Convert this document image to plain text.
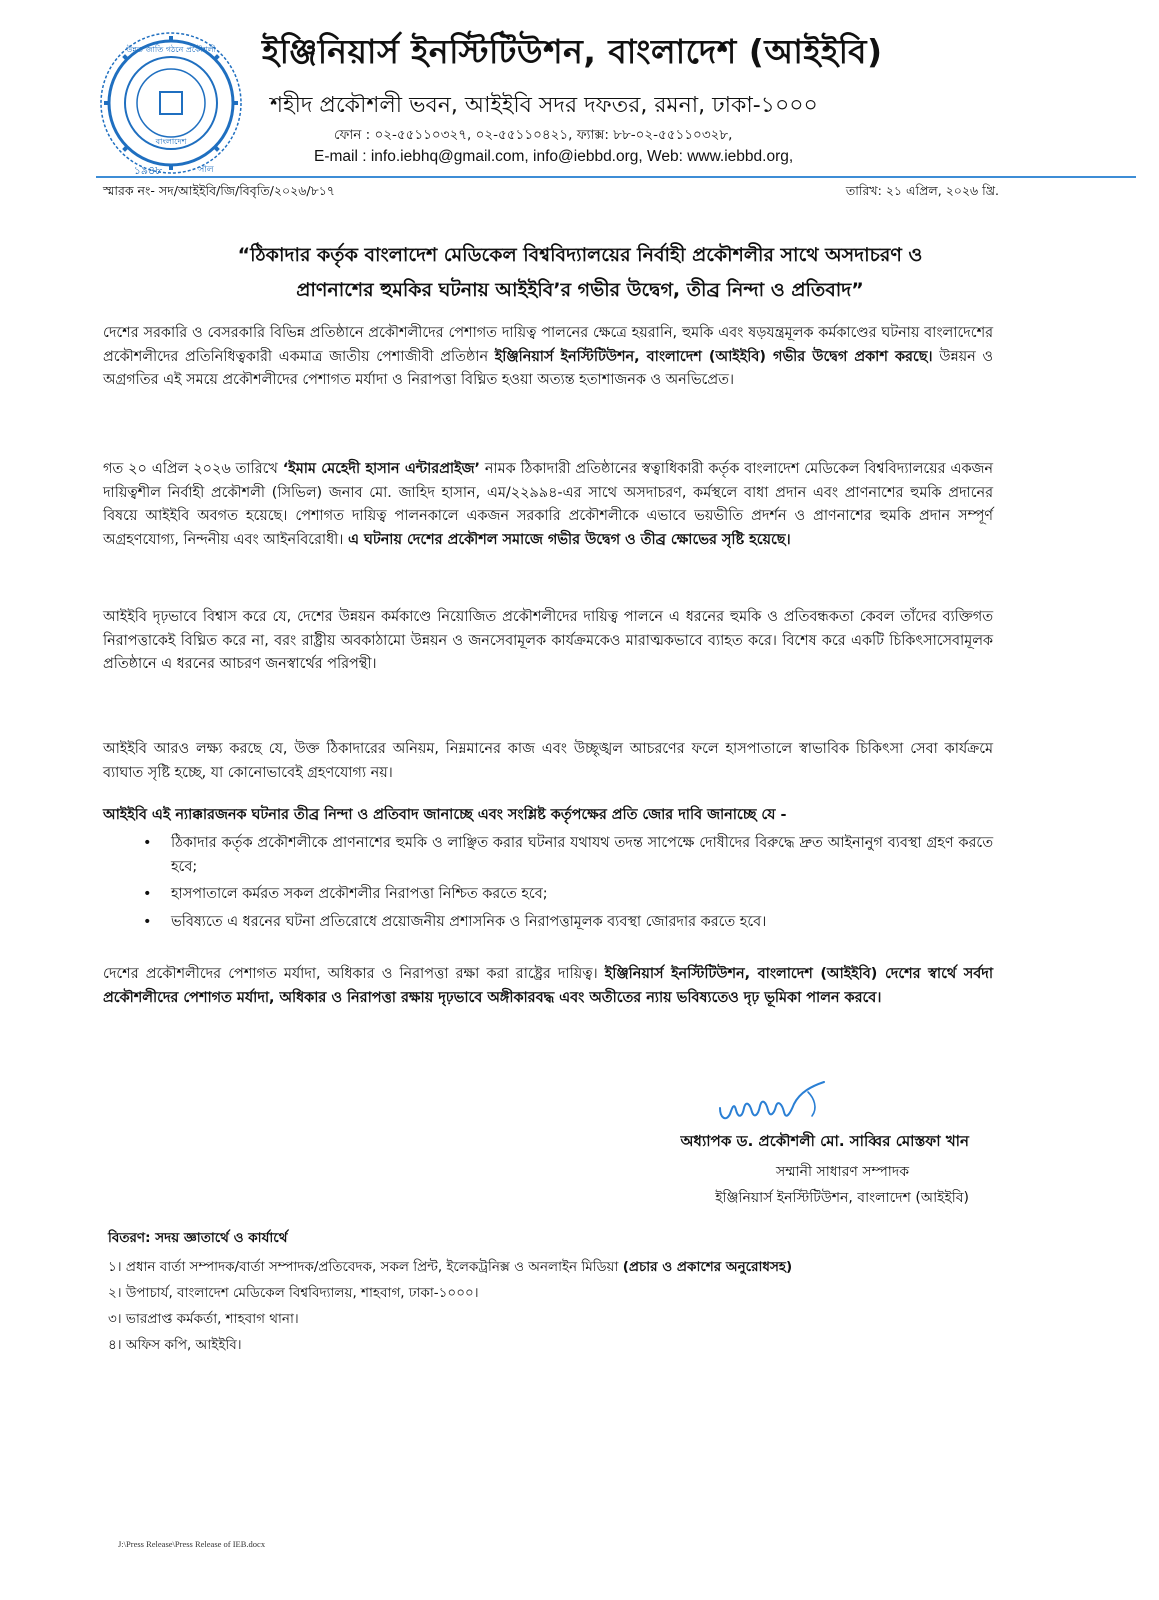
উন্নত জাতি গঠনে প্রকৌশলী
বাংলাদেশ
১৯৪৮	সাল
ইঞ্জিনিয়ার্স ইনস্টিটিউশন, বাংলাদেশ (আইইবি)
শহীদ প্রকৌশলী ভবন, আইইবি সদর দফতর, রমনা, ঢাকা-১০০০
ফোন : ০২-৫৫১১০৩২৭, ০২-৫৫১১০৪২১, ফ্যাক্স: ৮৮-০২-৫৫১১০৩২৮,
E-mail : info.iebhq@gmail.com, info@iebbd.org, Web: www.iebbd.org,
স্মারক নং- সদ/আইইবি/জি/বিবৃতি/২০২৬/৮১৭	তারিখ: ২১ এপ্রিল, ২০২৬ খ্রি.
“ঠিকাদার কর্তৃক বাংলাদেশ মেডিকেল বিশ্ববিদ্যালয়ের নির্বাহী প্রকৌশলীর সাথে অসদাচরণ ও
প্রাণনাশের হুমকির ঘটনায় আইইবি’র গভীর উদ্বেগ, তীব্র নিন্দা ও প্রতিবাদ”

দেশের সরকারি ও বেসরকারি বিভিন্ন প্রতিষ্ঠানে প্রকৌশলীদের পেশাগত দায়িত্ব পালনের ক্ষেত্রে হয়রানি, হুমকি এবং ষড়যন্ত্রমূলক কর্মকাণ্ডের ঘটনায় বাংলাদেশের প্রকৌশলীদের প্রতিনিধিত্বকারী একমাত্র জাতীয় পেশাজীবী প্রতিষ্ঠান ইঞ্জিনিয়ার্স ইনস্টিটিউশন, বাংলাদেশ (আইইবি) গভীর উদ্বেগ প্রকাশ করছে। উন্নয়ন ও অগ্রগতির এই সময়ে প্রকৌশলীদের পেশাগত মর্যাদা ও নিরাপত্তা বিঘ্নিত হওয়া অত্যন্ত হতাশাজনক ও অনভিপ্রেত।

গত ২০ এপ্রিল ২০২৬ তারিখে ‘ইমাম মেহেদী হাসান এন্টারপ্রাইজ’ নামক ঠিকাদারী প্রতিষ্ঠানের স্বত্বাধিকারী কর্তৃক বাংলাদেশ মেডিকেল বিশ্ববিদ্যালয়ের একজন দায়িত্বশীল নির্বাহী প্রকৌশলী (সিভিল) জনাব মো. জাহিদ হাসান, এম/২২৯৯৪-এর সাথে অসদাচরণ, কর্মস্থলে বাধা প্রদান এবং প্রাণনাশের হুমকি প্রদানের বিষয়ে আইইবি অবগত হয়েছে। পেশাগত দায়িত্ব পালনকালে একজন সরকারি প্রকৌশলীকে এভাবে ভয়ভীতি প্রদর্শন ও প্রাণনাশের হুমকি প্রদান সম্পূর্ণ অগ্রহণযোগ্য, নিন্দনীয় এবং আইনবিরোধী। এ ঘটনায় দেশের প্রকৌশল সমাজে গভীর উদ্বেগ ও তীব্র ক্ষোভের সৃষ্টি হয়েছে।

আইইবি দৃঢ়ভাবে বিশ্বাস করে যে, দেশের উন্নয়ন কর্মকাণ্ডে নিয়োজিত প্রকৌশলীদের দায়িত্ব পালনে এ ধরনের হুমকি ও প্রতিবন্ধকতা কেবল তাঁদের ব্যক্তিগত নিরাপত্তাকেই বিঘ্নিত করে না, বরং রাষ্ট্রীয় অবকাঠামো উন্নয়ন ও জনসেবামূলক কার্যক্রমকেও মারাত্মকভাবে ব্যাহত করে। বিশেষ করে একটি চিকিৎসাসেবামূলক প্রতিষ্ঠানে এ ধরনের আচরণ জনস্বার্থের পরিপন্থী।

আইইবি আরও লক্ষ্য করছে যে, উক্ত ঠিকাদারের অনিয়ম, নিম্নমানের কাজ এবং উচ্ছৃঙ্খল আচরণের ফলে হাসপাতালে স্বাভাবিক চিকিৎসা সেবা কার্যক্রমে ব্যাঘাত সৃষ্টি হচ্ছে, যা কোনোভাবেই গ্রহণযোগ্য নয়।

আইইবি এই ন্যাক্কারজনক ঘটনার তীব্র নিন্দা ও প্রতিবাদ জানাচ্ছে এবং সংশ্লিষ্ট কর্তৃপক্ষের প্রতি জোর দাবি জানাচ্ছে যে -

• ঠিকাদার কর্তৃক প্রকৌশলীকে প্রাণনাশের হুমকি ও লাঞ্ছিত করার ঘটনার যথাযথ তদন্ত সাপেক্ষে দোষীদের বিরুদ্ধে দ্রুত আইনানুগ ব্যবস্থা গ্রহণ করতে হবে;
• হাসপাতালে কর্মরত সকল প্রকৌশলীর নিরাপত্তা নিশ্চিত করতে হবে;
• ভবিষ্যতে এ ধরনের ঘটনা প্রতিরোধে প্রয়োজনীয় প্রশাসনিক ও নিরাপত্তামূলক ব্যবস্থা জোরদার করতে হবে।

দেশের প্রকৌশলীদের পেশাগত মর্যাদা, অধিকার ও নিরাপত্তা রক্ষা করা রাষ্ট্রের দায়িত্ব। ইঞ্জিনিয়ার্স ইনস্টিটিউশন, বাংলাদেশ (আইইবি) দেশের স্বার্থে সর্বদা প্রকৌশলীদের পেশাগত মর্যাদা, অধিকার ও নিরাপত্তা রক্ষায় দৃঢ়ভাবে অঙ্গীকারবদ্ধ এবং অতীতের ন্যায় ভবিষ্যতেও দৃঢ় ভূমিকা পালন করবে।

অধ্যাপক ড. প্রকৌশলী মো. সাব্বির মোস্তফা খান
সম্মানী সাধারণ সম্পাদক
ইঞ্জিনিয়ার্স ইনস্টিটিউশন, বাংলাদেশ (আইইবি)
বিতরণ: সদয় জ্ঞাতার্থে ও কার্যার্থে
১। প্রধান বার্তা সম্পাদক/বার্তা সম্পাদক/প্রতিবেদক, সকল প্রিন্ট, ইলেকট্রনিক্স ও অনলাইন মিডিয়া (প্রচার ও প্রকাশের অনুরোধসহ)
২। উপাচার্য, বাংলাদেশ মেডিকেল বিশ্ববিদ্যালয়, শাহবাগ, ঢাকা-১০০০।
৩। ভারপ্রাপ্ত কর্মকর্তা, শাহবাগ থানা।
৪। অফিস কপি, আইইবি।
J:\Press Release\Press Release of IEB.docx
